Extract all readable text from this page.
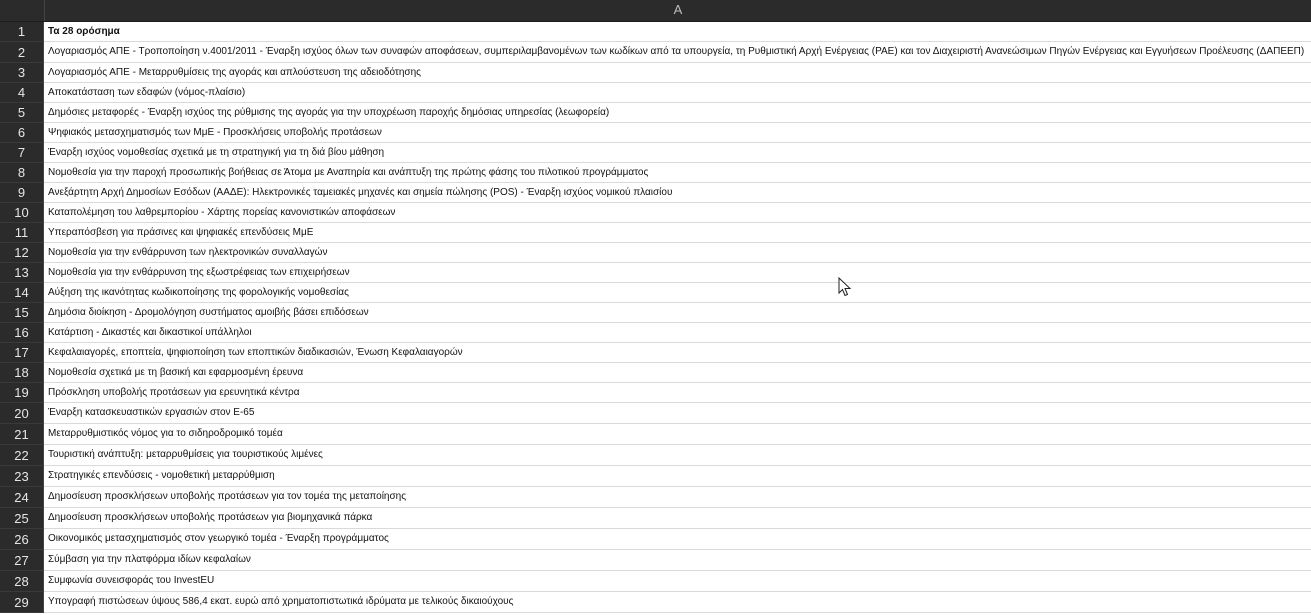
A
1	Τα 28 ορόσημα
2	Λογαριασμός ΑΠΕ - Τροποποίηση ν.4001/2011 - Έναρξη ισχύος όλων των συναφών αποφάσεων, συμπεριλαμβανομένων των κωδίκων από τα υπουργεία, τη Ρυθμιστική Αρχή Ενέργειας (ΡΑΕ) και τον Διαχειριστή Ανανεώσιμων Πηγών Ενέργειας και Εγγυήσεων Προέλευσης (ΔΑΠΕΕΠ)
3	Λογαριασμός ΑΠΕ - Μεταρρυθμίσεις της αγοράς και απλούστευση της αδειοδότησης
4	Αποκατάσταση των εδαφών (νόμος-πλαίσιο)
5	Δημόσιες μεταφορές - Έναρξη ισχύος της ρύθμισης της αγοράς για την υποχρέωση παροχής δημόσιας υπηρεσίας (λεωφορεία)
6	Ψηφιακός μετασχηματισμός των ΜμΕ - Προσκλήσεις υποβολής προτάσεων
7	Έναρξη ισχύος νομοθεσίας σχετικά με τη στρατηγική για τη διά βίου μάθηση
8	Νομοθεσία για την παροχή προσωπικής βοήθειας σε Άτομα με Αναπηρία και ανάπτυξη της πρώτης φάσης του πιλοτικού προγράμματος
9	Ανεξάρτητη Αρχή Δημοσίων Εσόδων (ΑΑΔΕ): Ηλεκτρονικές ταμειακές μηχανές και σημεία πώλησης (POS) - Έναρξη ισχύος νομικού πλαισίου
10	Καταπολέμηση του λαθρεμπορίου - Χάρτης πορείας κανονιστικών αποφάσεων
11	Υπεραπόσβεση για πράσινες και ψηφιακές επενδύσεις ΜμΕ
12	Νομοθεσία για την ενθάρρυνση των ηλεκτρονικών συναλλαγών
13	Νομοθεσία για την ενθάρρυνση της εξωστρέφειας των επιχειρήσεων
14	Αύξηση της ικανότητας κωδικοποίησης της φορολογικής νομοθεσίας
15	Δημόσια διοίκηση - Δρομολόγηση συστήματος αμοιβής βάσει επιδόσεων
16	Κατάρτιση - Δικαστές και δικαστικοί υπάλληλοι
17	Κεφαλαιαγορές, εποπτεία, ψηφιοποίηση των εποπτικών διαδικασιών, Ένωση Κεφαλαιαγορών
18	Νομοθεσία σχετικά με τη βασική και εφαρμοσμένη έρευνα
19	Πρόσκληση υποβολής προτάσεων για ερευνητικά κέντρα
20	Έναρξη κατασκευαστικών εργασιών στον Ε-65
21	Μεταρρυθμιστικός νόμος για το σιδηροδρομικό τομέα
22	Τουριστική ανάπτυξη: μεταρρυθμίσεις για τουριστικούς λιμένες
23	Στρατηγικές επενδύσεις - νομοθετική μεταρρύθμιση
24	Δημοσίευση προσκλήσεων υποβολής προτάσεων για τον τομέα της μεταποίησης
25	Δημοσίευση προσκλήσεων υποβολής προτάσεων για βιομηχανικά πάρκα
26	Οικονομικός μετασχηματισμός στον γεωργικό τομέα - Έναρξη προγράμματος
27	Σύμβαση για την πλατφόρμα ιδίων κεφαλαίων
28	Συμφωνία συνεισφοράς του InvestEU
29	Υπογραφή πιστώσεων ύψους 586,4 εκατ. ευρώ από χρηματοπιστωτικά ιδρύματα με τελικούς δικαιούχους
